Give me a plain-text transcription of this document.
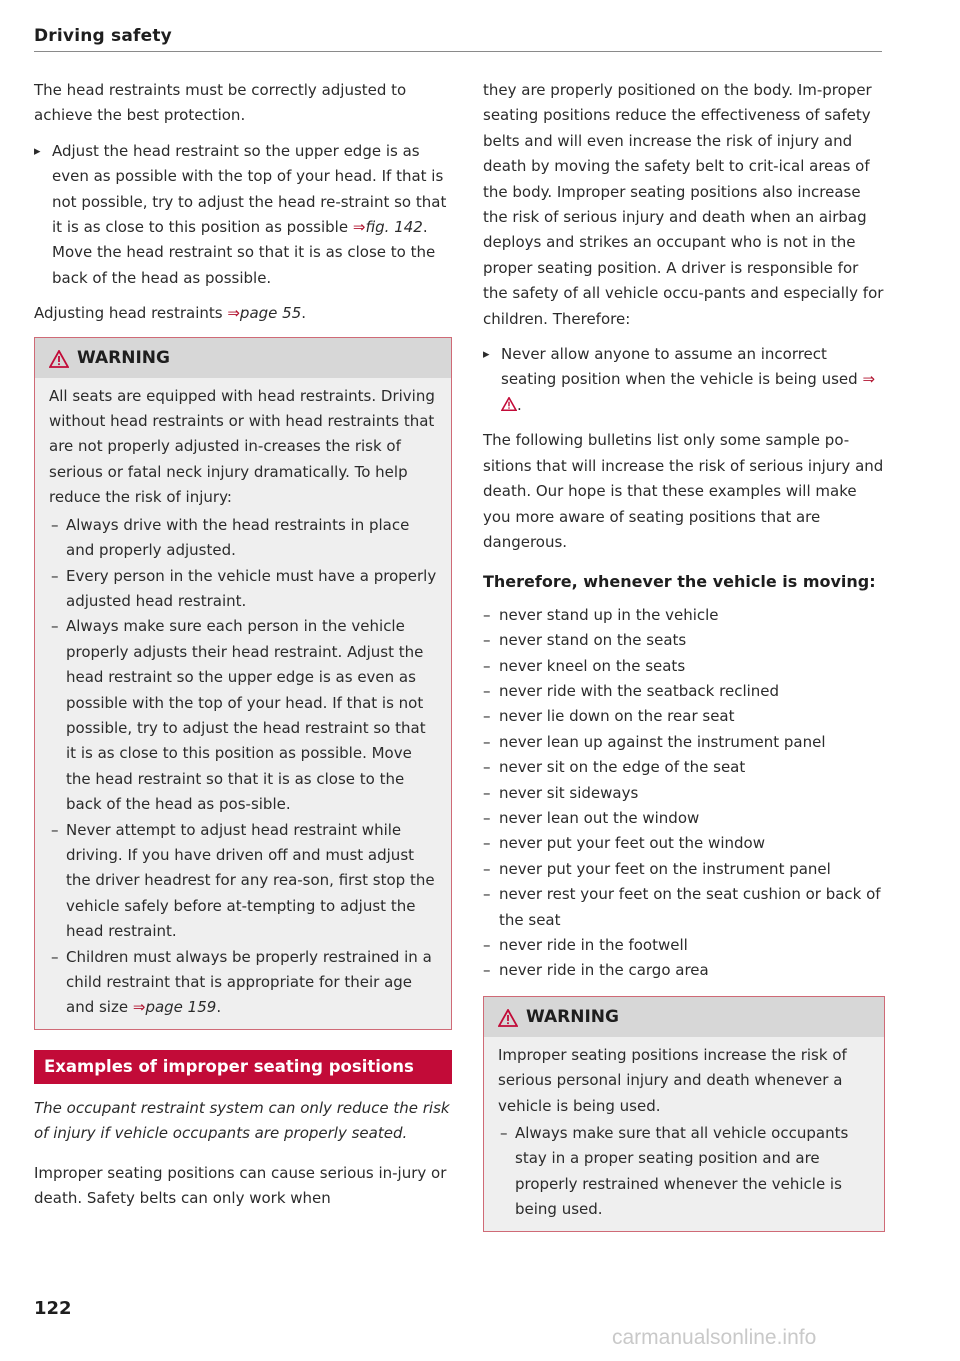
Driving safety

The head restraints must be correctly adjusted to achieve the best protection.

▸ Adjust the head restraint so the upper edge is as even as possible with the top of your head. If that is not possible, try to adjust the head re-straint so that it is as close to this position as possible ⇒fig. 142. Move the head restraint so that it is as close to the back of the head as possible.

Adjusting head restraints ⇒page 55.

WARNING

All seats are equipped with head restraints. Driving without head restraints or with head restraints that are not properly adjusted in-creases the risk of serious or fatal neck injury dramatically. To help reduce the risk of injury:

– Always drive with the head restraints in place and properly adjusted.
– Every person in the vehicle must have a properly adjusted head restraint.
– Always make sure each person in the vehicle properly adjusts their head restraint. Adjust the head restraint so the upper edge is as even as possible with the top of your head. If that is not possible, try to adjust the head restraint so that it is as close to this position as possible. Move the head restraint so that it is as close to the back of the head as pos-sible.
– Never attempt to adjust head restraint while driving. If you have driven off and must adjust the driver headrest for any rea-son, first stop the vehicle safely before at-tempting to adjust the head restraint.
– Children must always be properly restrained in a child restraint that is appropriate for their age and size ⇒page 159.
Examples of improper seating positions

The occupant restraint system can only reduce the risk of injury if vehicle occupants are properly seated.

Improper seating positions can cause serious in-jury or death. Safety belts can only work when

they are properly positioned on the body. Im-proper seating positions reduce the effectiveness of safety belts and will even increase the risk of injury and death by moving the safety belt to crit-ical areas of the body. Improper seating positions also increase the risk of serious injury and death when an airbag deploys and strikes an occupant who is not in the proper seating position. A driver is responsible for the safety of all vehicle occu-pants and especially for children. Therefore:

▸ Never allow anyone to assume an incorrect seating position when the vehicle is being used ⇒ .

The following bulletins list only some sample po-sitions that will increase the risk of serious injury and death. Our hope is that these examples will make you more aware of seating positions that are dangerous.

Therefore, whenever the vehicle is moving:
– never stand up in the vehicle
– never stand on the seats
– never kneel on the seats
– never ride with the seatback reclined
– never lie down on the rear seat
– never lean up against the instrument panel
– never sit on the edge of the seat
– never sit sideways
– never lean out the window
– never put your feet out the window
– never put your feet on the instrument panel
– never rest your feet on the seat cushion or back of the seat
– never ride in the footwell
– never ride in the cargo area
WARNING

Improper seating positions increase the risk of serious personal injury and death whenever a vehicle is being used.

– Always make sure that all vehicle occupants stay in a proper seating position and are properly restrained whenever the vehicle is being used.
122
carmanualsonline.info
